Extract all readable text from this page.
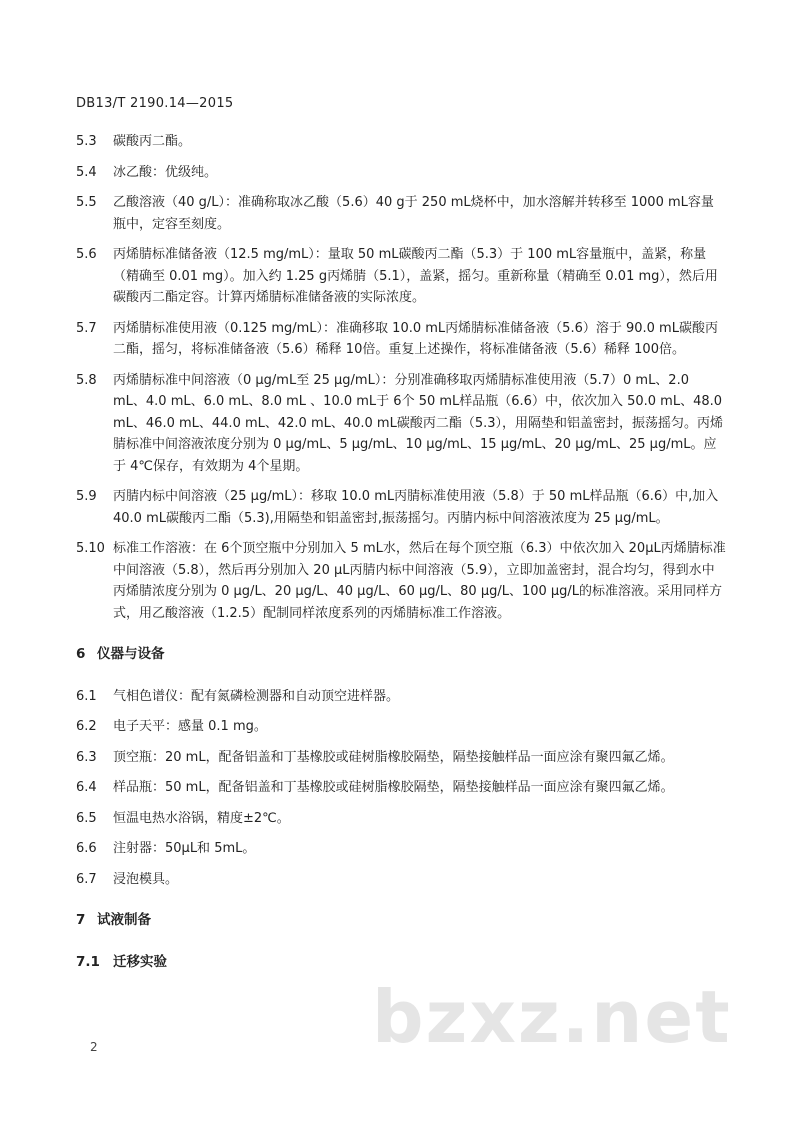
DB13/T 2190.14—2015
5.3	碳酸丙二酯。
5.4	冰乙酸：优级纯。
5.5	乙酸溶液（40 g/L）：准确称取冰乙酸（5.6）40 g于 250 mL烧杯中，加水溶解并转移至 1000 mL容量瓶中，定容至刻度。
5.6	丙烯腈标准储备液（12.5 mg/mL）：量取 50 mL碳酸丙二酯（5.3）于 100 mL容量瓶中，盖紧，称量（精确至 0.01 mg）。加入约 1.25 g丙烯腈（5.1），盖紧，摇匀。重新称量（精确至 0.01 mg），然后用碳酸丙二酯定容。计算丙烯腈标准储备液的实际浓度。
5.7	丙烯腈标准使用液（0.125 mg/mL）：准确移取 10.0 mL丙烯腈标准储备液（5.6）溶于 90.0 mL碳酸丙二酯，摇匀，将标准储备液（5.6）稀释 10倍。重复上述操作，将标准储备液（5.6）稀释 100倍。
5.8	丙烯腈标准中间溶液（0 μg/mL至 25 μg/mL）：分别准确移取丙烯腈标准使用液（5.7）0 mL、2.0 mL、4.0 mL、6.0 mL、8.0 mL 、10.0 mL于 6个 50 mL样品瓶（6.6）中，依次加入 50.0 mL、48.0 mL、46.0 mL、44.0 mL、42.0 mL、40.0 mL碳酸丙二酯（5.3），用隔垫和铝盖密封，振荡摇匀。丙烯腈标准中间溶液浓度分别为 0 μg/mL、5 μg/mL、10 μg/mL、15 μg/mL、20 μg/mL、25 μg/mL。应于 4℃保存，有效期为 4个星期。
5.9	丙腈内标中间溶液（25 μg/mL）：移取 10.0 mL丙腈标准使用液（5.8）于 50 mL样品瓶（6.6）中,加入 40.0 mL碳酸丙二酯（5.3),用隔垫和铝盖密封,振荡摇匀。丙腈内标中间溶液浓度为 25 μg/mL。
5.10 标准工作溶液：在 6个顶空瓶中分别加入 5 mL水，然后在每个顶空瓶（6.3）中依次加入 20μL丙烯腈标准中间溶液（5.8），然后再分别加入 20 μL丙腈内标中间溶液（5.9），立即加盖密封，混合均匀，得到水中丙烯腈浓度分别为 0 μg/L、20 μg/L、40 μg/L、60 μg/L、80 μg/L、100 μg/L的标准溶液。采用同样方式，用乙酸溶液（1.2.5）配制同样浓度系列的丙烯腈标准工作溶液。
6 仪器与设备
6.1	气相色谱仪：配有氮磷检测器和自动顶空进样器。
6.2	电子天平：感量 0.1 mg。
6.3	顶空瓶：20 mL，配备铝盖和丁基橡胶或硅树脂橡胶隔垫，隔垫接触样品一面应涂有聚四氟乙烯。
6.4	样品瓶：50 mL，配备铝盖和丁基橡胶或硅树脂橡胶隔垫，隔垫接触样品一面应涂有聚四氟乙烯。
6.5	恒温电热水浴锅，精度±2℃。
6.6	注射器：50μL和 5mL。
6.7	浸泡模具。
7 试液制备
7.1 迁移实验
bzxz.net
2
